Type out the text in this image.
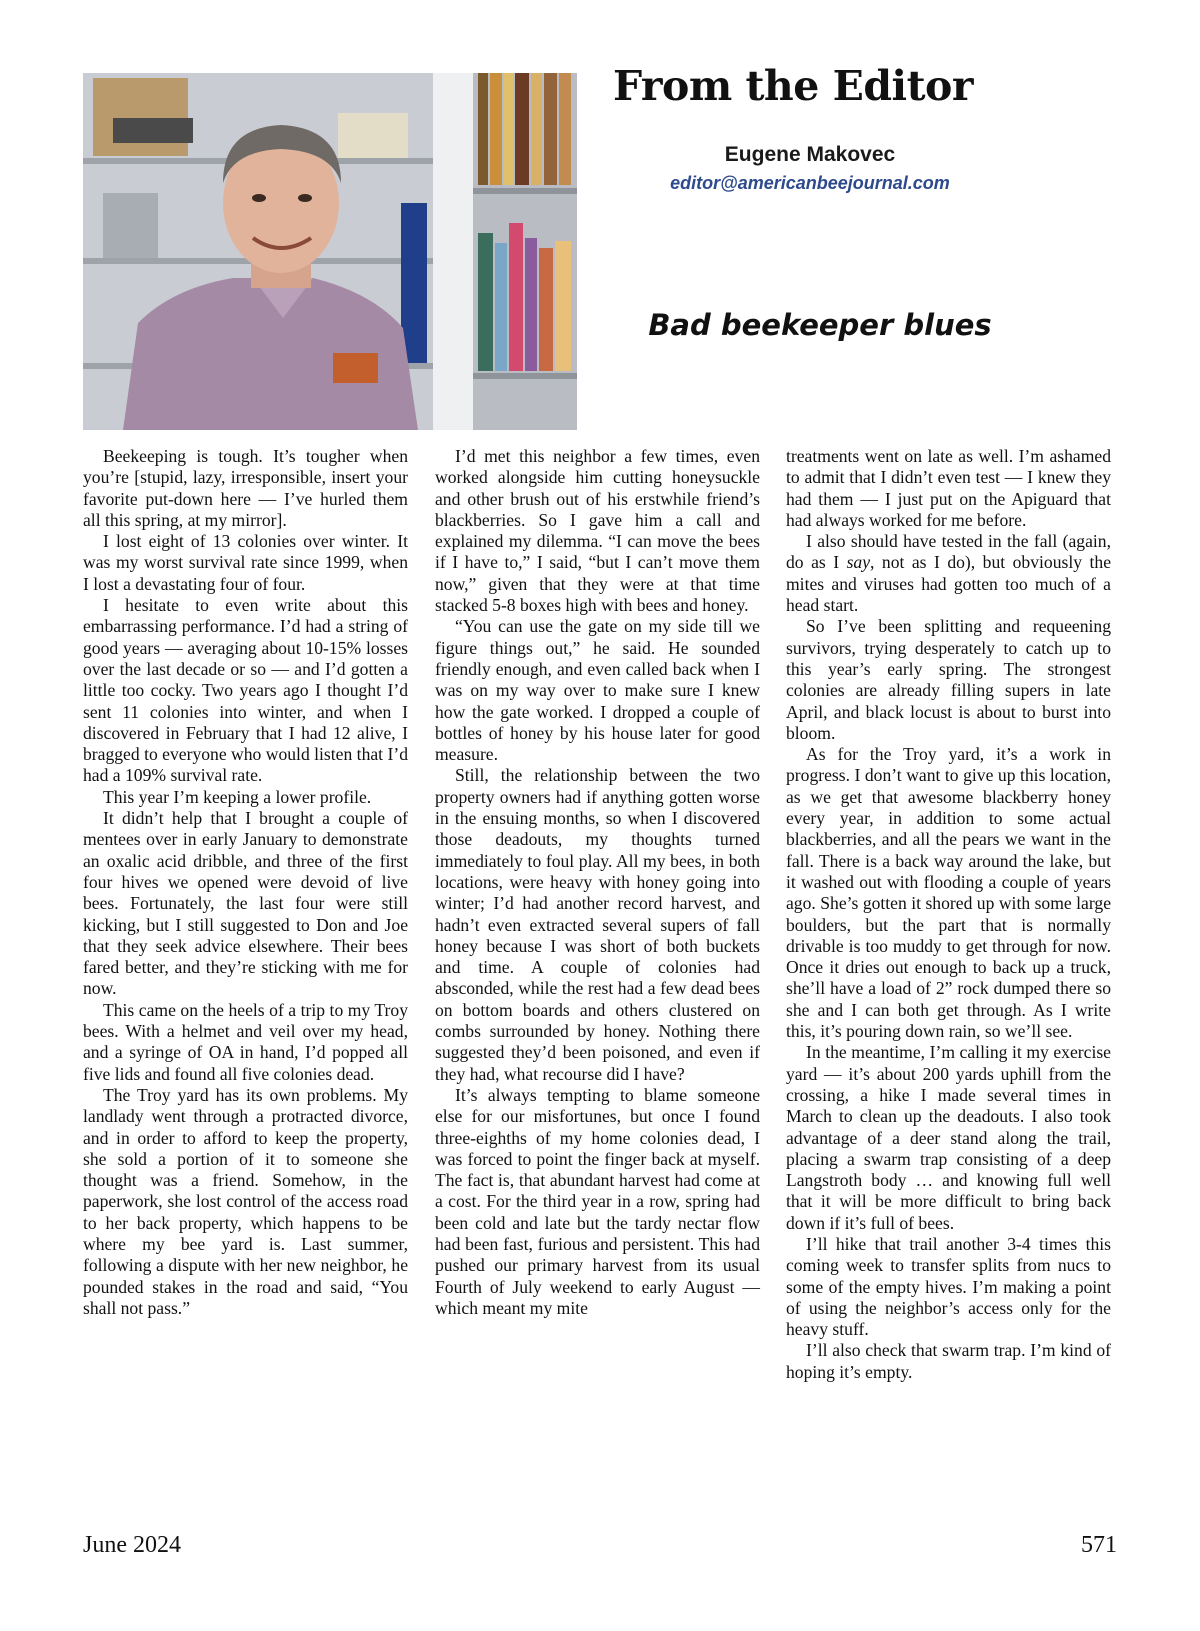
From the Editor
Eugene Makovec
editor@americanbeejournal.com
Bad beekeeper blues

Beekeeping is tough. It’s tougher when you’re [stupid, lazy, irresponsible, insert your favorite put-down here — I’ve hurled them all this spring, at my mirror].

I lost eight of 13 colonies over winter. It was my worst survival rate since 1999, when I lost a devastating four of four.

I hesitate to even write about this embarrassing performance. I’d had a string of good years — averaging about 10-15% losses over the last decade or so — and I’d gotten a little too cocky. Two years ago I thought I’d sent 11 colonies into winter, and when I discovered in February that I had 12 alive, I bragged to everyone who would listen that I’d had a 109% survival rate.

This year I’m keeping a lower profile.

It didn’t help that I brought a couple of mentees over in early January to demonstrate an oxalic acid dribble, and three of the first four hives we opened were devoid of live bees. Fortunately, the last four were still kicking, but I still suggested to Don and Joe that they seek advice elsewhere. Their bees fared better, and they’re sticking with me for now.

This came on the heels of a trip to my Troy bees. With a helmet and veil over my head, and a syringe of OA in hand, I’d popped all five lids and found all five colonies dead.

The Troy yard has its own problems. My landlady went through a protracted divorce, and in order to afford to keep the property, she sold a portion of it to someone she thought was a friend. Somehow, in the paperwork, she lost control of the access road to her back property, which happens to be where my bee yard is. Last summer, following a dispute with her new neighbor, he pounded stakes in the road and said, “You shall not pass.”

I’d met this neighbor a few times, even worked alongside him cutting honeysuckle and other brush out of his erstwhile friend’s blackberries. So I gave him a call and explained my dilemma. “I can move the bees if I have to,” I said, “but I can’t move them now,” given that they were at that time stacked 5-8 boxes high with bees and honey.

“You can use the gate on my side till we figure things out,” he said. He sounded friendly enough, and even called back when I was on my way over to make sure I knew how the gate worked. I dropped a couple of bottles of honey by his house later for good measure.

Still, the relationship between the two property owners had if anything gotten worse in the ensuing months, so when I discovered those deadouts, my thoughts turned immediately to foul play. All my bees, in both locations, were heavy with honey going into winter; I’d had another record harvest, and hadn’t even extracted several supers of fall honey because I was short of both buckets and time. A couple of colonies had absconded, while the rest had a few dead bees on bottom boards and others clustered on combs surrounded by honey. Nothing there suggested they’d been poisoned, and even if they had, what recourse did I have?

It’s always tempting to blame someone else for our misfortunes, but once I found three-eighths of my home colonies dead, I was forced to point the finger back at myself. The fact is, that abundant harvest had come at a cost. For the third year in a row, spring had been cold and late but the tardy nectar flow had been fast, furious and persistent. This had pushed our primary harvest from its usual Fourth of July weekend to early August — which meant my mite

treatments went on late as well. I’m ashamed to admit that I didn’t even test — I knew they had them — I just put on the Apiguard that had always worked for me before.

I also should have tested in the fall (again, do as I say, not as I do), but obviously the mites and viruses had gotten too much of a head start.

So I’ve been splitting and requeening survivors, trying desperately to catch up to this year’s early spring. The strongest colonies are already filling supers in late April, and black locust is about to burst into bloom.

As for the Troy yard, it’s a work in progress. I don’t want to give up this location, as we get that awesome blackberry honey every year, in addition to some actual blackberries, and all the pears we want in the fall. There is a back way around the lake, but it washed out with flooding a couple of years ago. She’s gotten it shored up with some large boulders, but the part that is normally drivable is too muddy to get through for now. Once it dries out enough to back up a truck, she’ll have a load of 2” rock dumped there so she and I can both get through. As I write this, it’s pouring down rain, so we’ll see.

In the meantime, I’m calling it my exercise yard — it’s about 200 yards uphill from the crossing, a hike I made several times in March to clean up the deadouts. I also took advantage of a deer stand along the trail, placing a swarm trap consisting of a deep Langstroth body … and knowing full well that it will be more difficult to bring back down if it’s full of bees.

I’ll hike that trail another 3-4 times this coming week to transfer splits from nucs to some of the empty hives. I’m making a point of using the neighbor’s access only for the heavy stuff.

I’ll also check that swarm trap. I’m kind of hoping it’s empty.

June 2024	571
